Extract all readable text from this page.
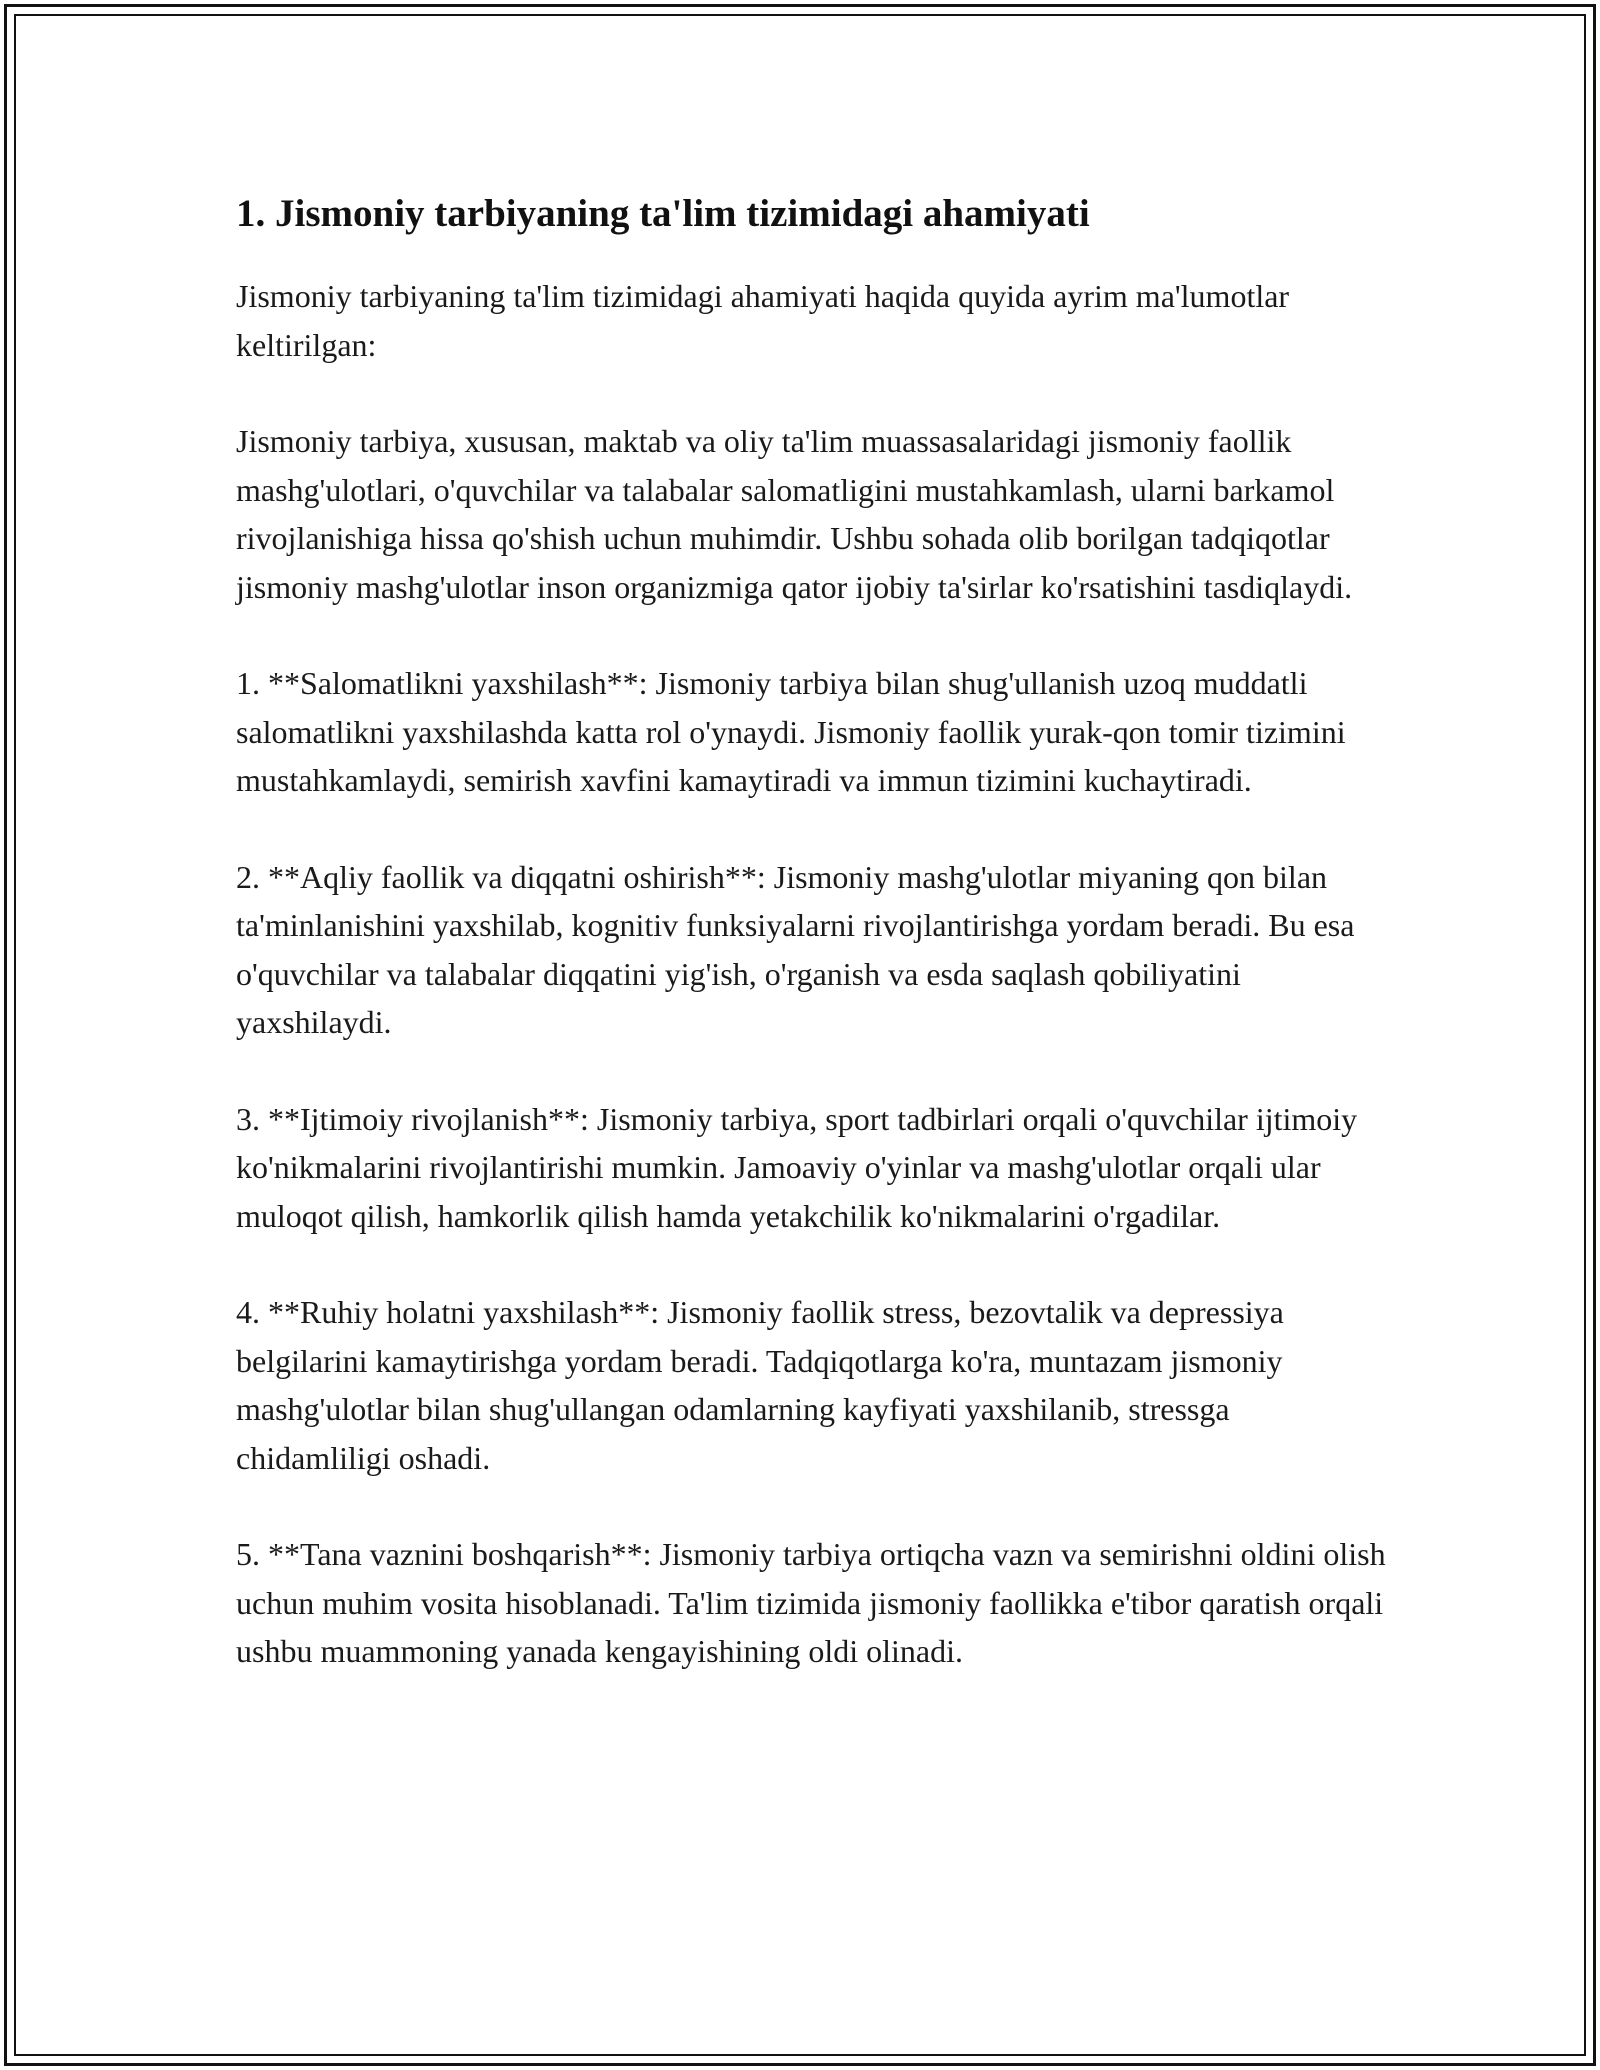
1. Jismoniy tarbiyaning ta'lim tizimidagi ahamiyati

Jismoniy tarbiyaning ta'lim tizimidagi ahamiyati haqida quyida ayrim ma'lumotlar keltirilgan:

Jismoniy tarbiya, xususan, maktab va oliy ta'lim muassasalaridagi jismoniy faollik mashg'ulotlari, o'quvchilar va talabalar salomatligini mustahkamlash, ularni barkamol rivojlanishiga hissa qo'shish uchun muhimdir. Ushbu sohada olib borilgan tadqiqotlar jismoniy mashg'ulotlar inson organizmiga qator ijobiy ta'sirlar ko'rsatishini tasdiqlaydi.

1. **Salomatlikni yaxshilash**: Jismoniy tarbiya bilan shug'ullanish uzoq muddatli salomatlikni yaxshilashda katta rol o'ynaydi. Jismoniy faollik yurak-qon tomir tizimini mustahkamlaydi, semirish xavfini kamaytiradi va immun tizimini kuchaytiradi.

2. **Aqliy faollik va diqqatni oshirish**: Jismoniy mashg'ulotlar miyaning qon bilan ta'minlanishini yaxshilab, kognitiv funksiyalarni rivojlantirishga yordam beradi. Bu esa o'quvchilar va talabalar diqqatini yig'ish, o'rganish va esda saqlash qobiliyatini yaxshilaydi.

3. **Ijtimoiy rivojlanish**: Jismoniy tarbiya, sport tadbirlari orqali o'quvchilar ijtimoiy ko'nikmalarini rivojlantirishi mumkin. Jamoaviy o'yinlar va mashg'ulotlar orqali ular muloqot qilish, hamkorlik qilish hamda yetakchilik ko'nikmalarini o'rgadilar.

4. **Ruhiy holatni yaxshilash**: Jismoniy faollik stress, bezovtalik va depressiya belgilarini kamaytirishga yordam beradi. Tadqiqotlarga ko'ra, muntazam jismoniy mashg'ulotlar bilan shug'ullangan odamlarning kayfiyati yaxshilanib, stressga chidamliligi oshadi.

5. **Tana vaznini boshqarish**: Jismoniy tarbiya ortiqcha vazn va semirishni oldini olish uchun muhim vosita hisoblanadi. Ta'lim tizimida jismoniy faollikka e'tibor qaratish orqali ushbu muammoning yanada kengayishining oldi olinadi.
